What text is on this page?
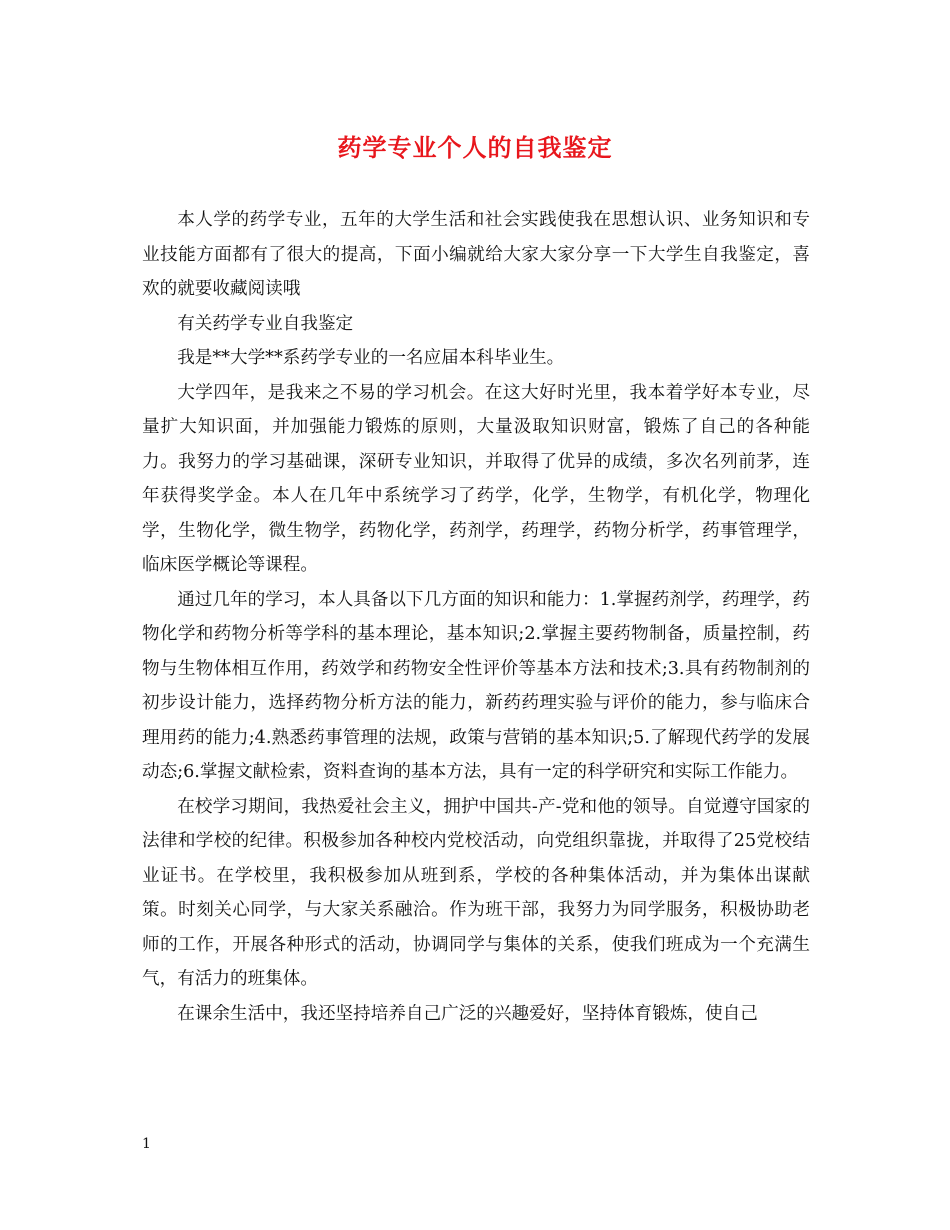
药学专业个人的自我鉴定

本人学的药学专业，五年的大学生活和社会实践使我在思想认识、业务知识和专业技能方面都有了很大的提高，下面小编就给大家大家分享一下大学生自我鉴定，喜欢的就要收藏阅读哦

有关药学专业自我鉴定

我是**大学**系药学专业的一名应届本科毕业生。

大学四年，是我来之不易的学习机会。在这大好时光里，我本着学好本专业，尽量扩大知识面，并加强能力锻炼的原则，大量汲取知识财富，锻炼了自己的各种能力。我努力的学习基础课，深研专业知识，并取得了优异的成绩，多次名列前茅，连年获得奖学金。本人在几年中系统学习了药学，化学，生物学，有机化学，物理化学，生物化学，微生物学，药物化学，药剂学，药理学，药物分析学，药事管理学，临床医学概论等课程。

通过几年的学习，本人具备以下几方面的知识和能力：1.掌握药剂学，药理学，药物化学和药物分析等学科的基本理论，基本知识;2.掌握主要药物制备，质量控制，药物与生物体相互作用，药效学和药物安全性评价等基本方法和技术;3.具有药物制剂的初步设计能力，选择药物分析方法的能力，新药药理实验与评价的能力，参与临床合理用药的能力;4.熟悉药事管理的法规，政策与营销的基本知识;5.了解现代药学的发展动态;6.掌握文献检索，资料查询的基本方法，具有一定的科学研究和实际工作能力。

在校学习期间，我热爱社会主义，拥护中国共-产-党和他的领导。自觉遵守国家的法律和学校的纪律。积极参加各种校内党校活动，向党组织靠拢，并取得了25党校结业证书。在学校里，我积极参加从班到系，学校的各种集体活动，并为集体出谋献策。时刻关心同学，与大家关系融洽。作为班干部，我努力为同学服务，积极协助老师的工作，开展各种形式的活动，协调同学与集体的关系，使我们班成为一个充满生气，有活力的班集体。

在课余生活中，我还坚持培养自己广泛的兴趣爱好，坚持体育锻炼，使自己

1
